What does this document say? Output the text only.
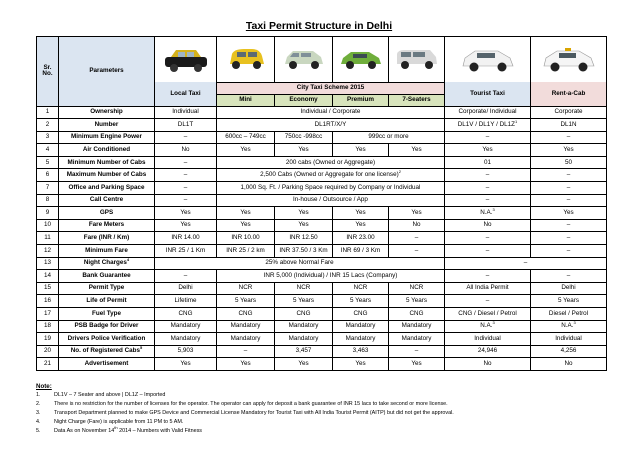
Taxi Permit Structure in Delhi
Sr. No.	Parameters	

		Local Taxi	City Taxi Scheme 2015				Tourist Taxi	Rent-a-Cab
			Mini	Economy	Premium	7-Seaters		
1	Ownership	Individual	Individual / Corporate				Corporate/ Individual	Corporate
2	Number	DL1T	DL1RT/X/Y				$DL1V / DL1Y / DL1Z^1$	DL1N
3	Minimum Engine Power	–	600cc – 749cc	750cc -998cc	999cc or more		–	–
4	Air Conditioned	No	Yes	Yes	Yes	Yes	Yes	Yes
5	Minimum Number of Cabs	–	200 cabs (Owned or Aggregate)				01	50
6	Maximum Number of Cabs	–	2,500 Cabs (Owned or Aggregate for one license)$^2$				–	–
7	Office and Parking Space	–	1,000 Sq. Ft. / Parking Space required by Company or Individual				–	–
8	Call Centre	–	In-house / Outsource / App				–	–
9	GPS	Yes	Yes	Yes	Yes	Yes	N.A.$^3$	Yes
10	Fare Meters	Yes	Yes	Yes	Yes	No	No	–
11	Fare (INR / Km)	INR 14.00	INR 10.00	INR 12.50	INR 23.00	–	–	–
12	Minimum Fare	INR 25 / 1 Km	INR 25 / 2 km	INR 37.50 / 3 Km	INR 69 / 3 Km	–	–	–
13	Night Charges$^4$	25% above Normal Fare					–	
14	Bank Guarantee	–	INR 5,000 (Individual) / INR 15 Lacs (Company)				–	–
15	Permit Type	Delhi	NCR	NCR	NCR	NCR	All India Permit	Delhi
16	Life of Permit	Lifetime	5 Years	5 Years	5 Years	5 Years	–	5 Years
17	Fuel Type	CNG	CNG	CNG	CNG	CNG	CNG / Diesel / Petrol	Diesel / Petrol
18	PSB Badge for Driver	Mandatory	Mandatory	Mandatory	Mandatory	Mandatory	N.A.$^3$	N.A.$^3$
19	Drivers Police Verification	Mandatory	Mandatory	Mandatory	Mandatory	Mandatory	Individual	Individual
20	No. of Registered Cabs$^5$	5,903	–	3,457	3,463	–	24,946	4,256
21	Advertisement	Yes	Yes	Yes	Yes	Yes	No	No
Note:
1.	DL1V – 7 Seater and above | DL1Z – Imported
2.	There is no restriction for the number of licenses for the operator. The operator can apply for deposit a bank guarantee of INR 15 lacs to take second or more license.
3.	Transport Department planned to make GPS Device and Commercial License Mandatory for Tourist Taxi with All India Tourist Permit (AITP) but did not get the approval.
4.	Night Charge (Fare) is applicable from 11 PM to 5 AM.
5.	Data As on November 14th 2014 – Numbers with Valid Fitness
